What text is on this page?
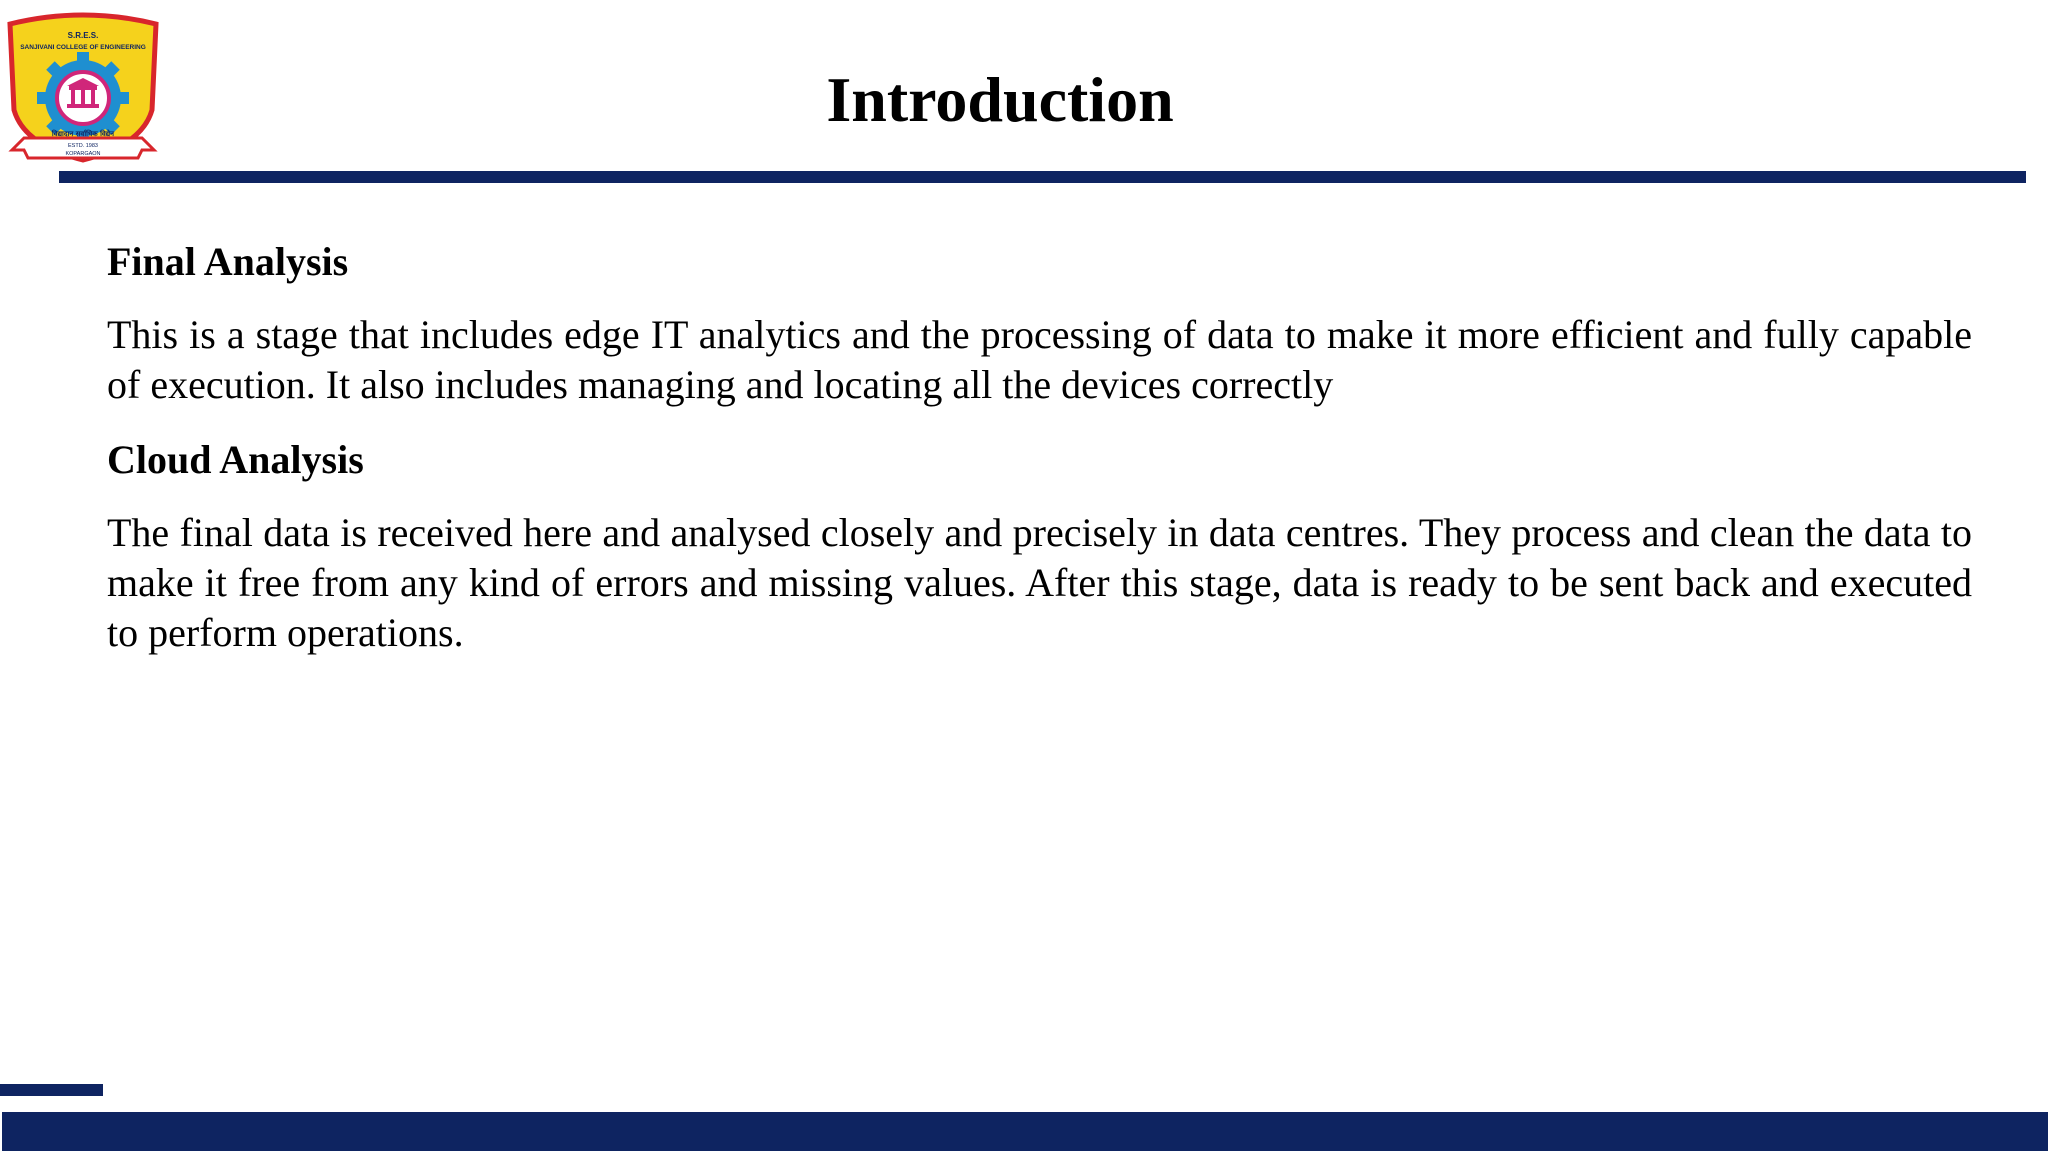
S.R.E.S.
SANJIVANI COLLEGE OF ENGINEERING
विद्यादान सर्वाधिक विद्येन
ESTD. 1983
KOPARGAON
Introduction
Final Analysis

This is a stage that includes edge IT analytics and the processing of data to make it more efficient and fully capable of execution. It also includes managing and locating all the devices correctly

Cloud Analysis

The final data is received here and analysed closely and precisely in data centres. They process and clean the data to make it free from any kind of errors and missing values. After this stage, data is ready to be sent back and executed to perform operations.
